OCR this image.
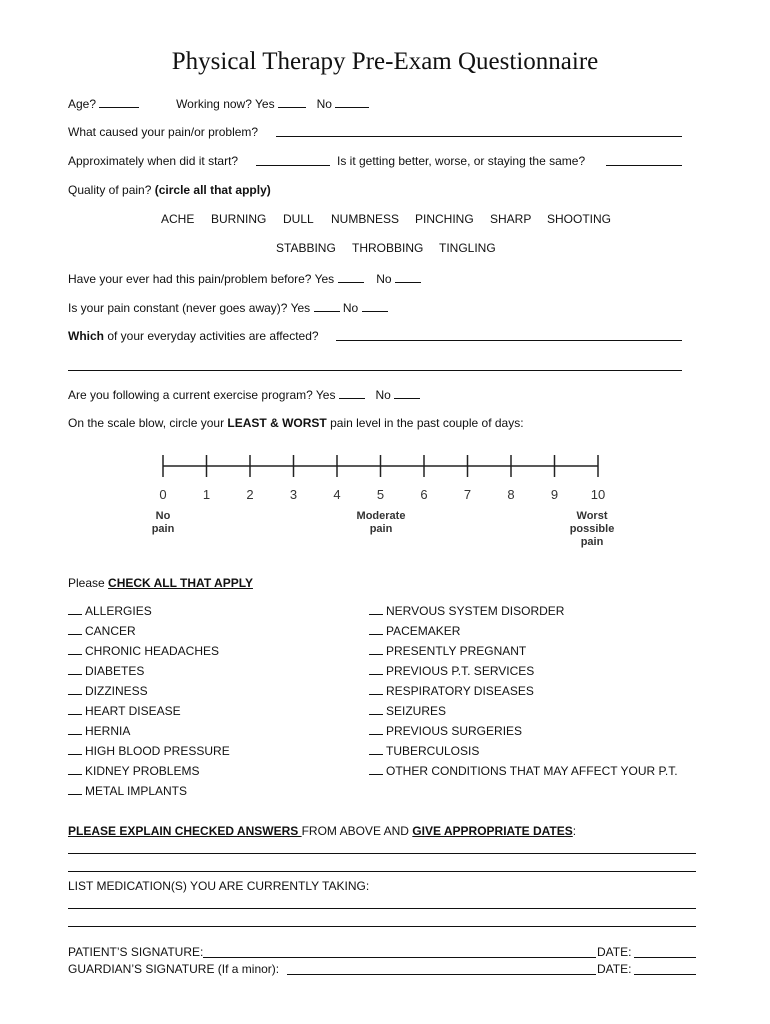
Physical Therapy Pre-Exam Questionnaire
Age?	Working now? Yes	No
What caused your pain/or problem?
Approximately when did it start?	Is it getting better, worse, or staying the same?
Quality of pain? (circle all that apply)
ACHE BURNING DULL NUMBNESS PINCHING SHARP SHOOTING
STABBING THROBBING TINGLING
Have your ever had this pain/problem before? Yes	No
Is your pain constant (never goes away)? Yes	No
Which of your everyday activities are affected?
Are you following a current exercise program? Yes	No
On the scale blow, circle your LEAST & WORST pain level in the past couple of days:
0	1	2	3	4	5	6	7	8	9	10
No
pain
Moderate
pain
Worst
possible
pain
Please CHECK ALL THAT APPLY
ALLERGIES
CANCER
CHRONIC HEADACHES
DIABETES
DIZZINESS
HEART DISEASE
HERNIA
HIGH BLOOD PRESSURE
KIDNEY PROBLEMS
METAL IMPLANTS
NERVOUS SYSTEM DISORDER
PACEMAKER
PRESENTLY PREGNANT
PREVIOUS P.T. SERVICES
RESPIRATORY DISEASES
SEIZURES
PREVIOUS SURGERIES
TUBERCULOSIS
OTHER CONDITIONS THAT MAY AFFECT YOUR P.T.
PLEASE EXPLAIN CHECKED ANSWERS FROM ABOVE AND GIVE APPROPRIATE DATES:
LIST MEDICATION(S) YOU ARE CURRENTLY TAKING:
PATIENT’S SIGNATURE:	DATE:
GUARDIAN’S SIGNATURE (If a minor):	DATE:
